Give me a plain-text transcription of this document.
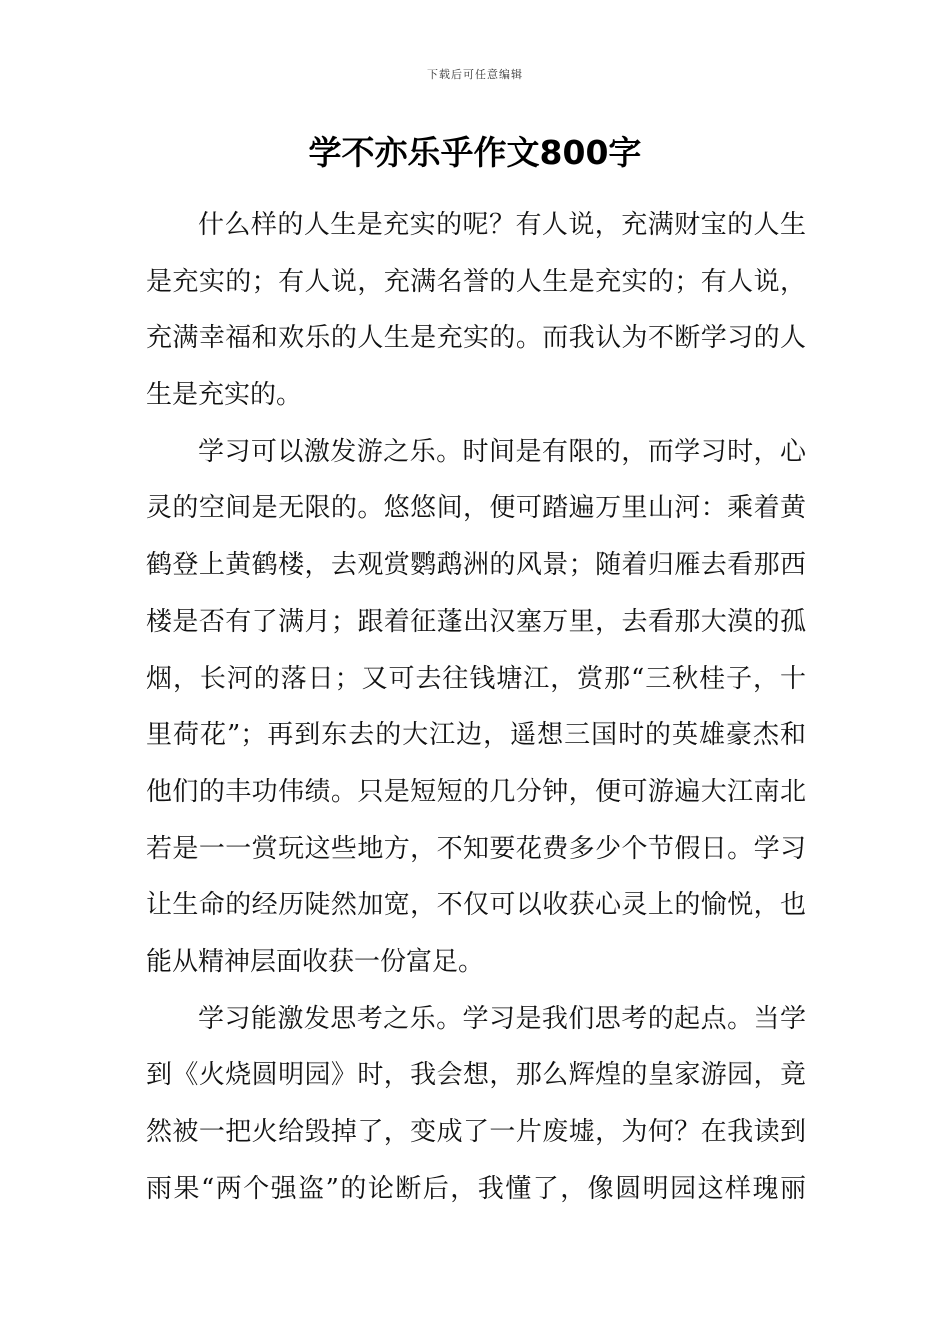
下载后可任意编辑
学不亦乐乎作文800字
什么样的人生是充实的呢？有人说，充满财宝的人生
是充实的；有人说，充满名誉的人生是充实的；有人说，
充满幸福和欢乐的人生是充实的。而我认为不断学习的人
生是充实的。
学习可以激发游之乐。时间是有限的，而学习时，心
灵的空间是无限的。悠悠间，便可踏遍万里山河：乘着黄
鹤登上黄鹤楼，去观赏鹦鹉洲的风景；随着归雁去看那西
楼是否有了满月；跟着征蓬出汉塞万里，去看那大漠的孤
烟，长河的落日；又可去往钱塘江，赏那“三秋桂子，十
里荷花”；再到东去的大江边，遥想三国时的英雄豪杰和
他们的丰功伟绩。只是短短的几分钟，便可游遍大江南北
若是一一赏玩这些地方，不知要花费多少个节假日。学习
让生命的经历陡然加宽，不仅可以收获心灵上的愉悦，也
能从精神层面收获一份富足。
学习能激发思考之乐。学习是我们思考的起点。当学
到《火烧圆明园》时，我会想，那么辉煌的皇家游园，竟
然被一把火给毁掉了，变成了一片废墟，为何？在我读到
雨果“两个强盗”的论断后，我懂了，像圆明园这样瑰丽
